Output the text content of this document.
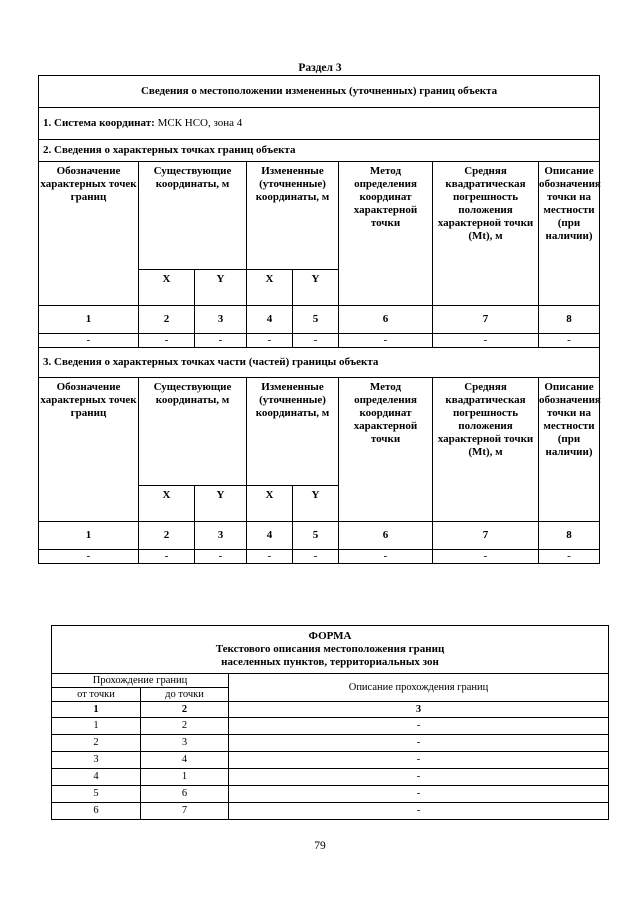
Раздел 3
Сведения о местоположении измененных (уточненных) границ объекта							
1. Система координат: МСК НСО, зона 4							
2. Сведения о характерных точках границ объекта							
Обозначение характерных точек границ	Существующие координаты, м		Измененные (уточненные) координаты, м		Метод определения координат характерной точки	Средняя квадратическая погрешность положения характерной точки (Mt), м	Описание обозначения точки на местности (при наличии)
	X	Y	X	Y			
1	2	3	4	5	6	7	8
-	-	-	-	-	-	-	-
3. Сведения о характерных точках части (частей) границы объекта							
Обозначение характерных точек границ	Существующие координаты, м		Измененные (уточненные) координаты, м		Метод определения координат характерной точки	Средняя квадратическая погрешность положения характерной точки (Mt), м	Описание обозначения точки на местности (при наличии)
	X	Y	X	Y			
1	2	3	4	5	6	7	8
-	-	-	-	-	-	-	-
ФОРМА
Текстового описания местоположения границ
населенных пунктов, территориальных зон		

Прохождение границ		Описание прохождения границ
от точки	до точки	
1	2	3
1	2	-
2	3	-
3	4	-
4	1	-
5	6	-
6	7	-
79
